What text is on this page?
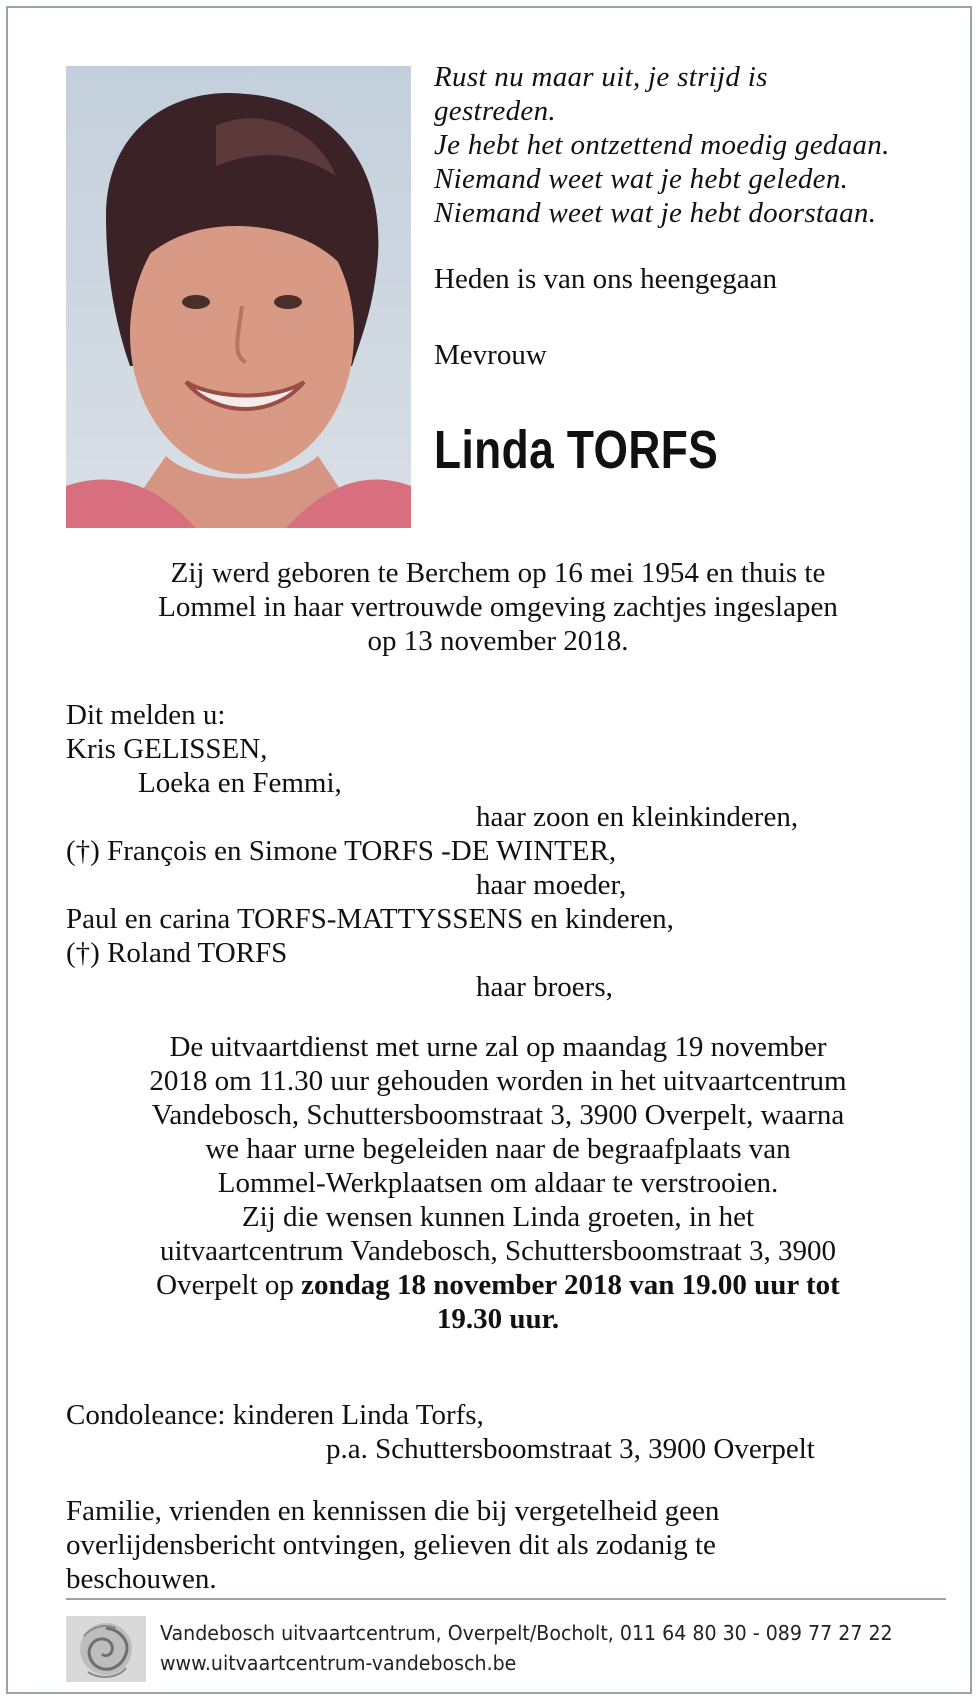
Rust nu maar uit, je strijd is
gestreden.
Je hebt het ontzettend moedig gedaan.
Niemand weet wat je hebt geleden.
Niemand weet wat je hebt doorstaan.
Heden is van ons heengegaan
Mevrouw
Linda TORFS
Zij werd geboren te Berchem op 16 mei 1954 en thuis te
Lommel in haar vertrouwde omgeving zachtjes ingeslapen
op 13 november 2018.
Dit melden u:
Kris GELISSEN,
Loeka en Femmi,
haar zoon en kleinkinderen,
(†) François en Simone TORFS -DE WINTER,
haar moeder,
Paul en carina TORFS-MATTYSSENS en kinderen,
(†) Roland TORFS
haar broers,
De uitvaartdienst met urne zal op maandag 19 november
2018 om 11.30 uur gehouden worden in het uitvaartcentrum
Vandebosch, Schuttersboomstraat 3, 3900 Overpelt, waarna
we haar urne begeleiden naar de begraafplaats van
Lommel-Werkplaatsen om aldaar te verstrooien.
Zij die wensen kunnen Linda groeten, in het
uitvaartcentrum Vandebosch, Schuttersboomstraat 3, 3900
Overpelt op zondag 18 november 2018 van 19.00 uur tot
19.30 uur.
Condoleance: kinderen Linda Torfs,
p.a. Schuttersboomstraat 3, 3900 Overpelt
Familie, vrienden en kennissen die bij vergetelheid geen
overlijdensbericht ontvingen, gelieven dit als zodanig te
beschouwen.
Vandebosch uitvaartcentrum, Overpelt/Bocholt, 011 64 80 30 - 089 77 27 22
www.uitvaartcentrum-vandebosch.be
